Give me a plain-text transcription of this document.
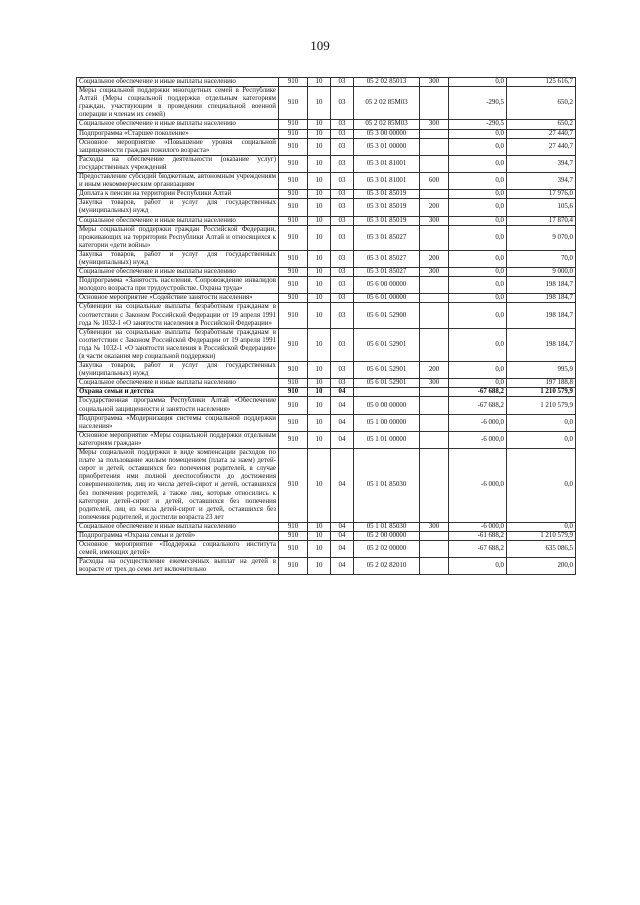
109
Социальное обеспечение и иные выплаты населению	910	10	03	05 2 02 85013	300	0,0	125 616,7
Меры социальной поддержки многодетных семей в Республике Алтай (Меры социальной поддержки отдельным категориям граждан, участвующим в проведении специальной военной операции и членам их семей)	910	10	03	05 2 02 85М03		-290,5	650,2
Социальное обеспечение и иные выплаты населению	910	10	03	05 2 02 85М03	300	-290,5	650,2
Подпрограмма «Старшее поколение»	910	10	03	05 3 00 00000		0,0	27 440,7
Основное мероприятие «Повышение уровня социальной защищенности граждан пожилого возраста»	910	10	03	05 3 01 00000		0,0	27 440,7
Расходы на обеспечение деятельности (оказание услуг) государственных учреждений	910	10	03	05 3 01 81001		0,0	394,7
Предоставление субсидий бюджетным, автономным учреждениям и иным некоммерческим организациям	910	10	03	05 3 01 81001	600	0,0	394,7
Доплата к пенсии на территории Республики Алтай	910	10	03	05 3 01 85019		0,0	17 976,0
Закупка товаров, работ и услуг для государственных (муниципальных) нужд	910	10	03	05 3 01 85019	200	0,0	105,6
Социальное обеспечение и иные выплаты населению	910	10	03	05 3 01 85019	300	0,0	17 870,4
Меры социальной поддержки граждан Российской Федерации, проживающих на территории Республики Алтай и относящихся к категории «дети войны»	910	10	03	05 3 01 85027		0,0	9 070,0
Закупка товаров, работ и услуг для государственных (муниципальных) нужд	910	10	03	05 3 01 85027	200	0,0	70,0
Социальное обеспечение и иные выплаты населению	910	10	03	05 3 01 85027	300	0,0	9 000,0
Подпрограмма «Занятость населения. Сопровождение инвалидов молодого возраста при трудоустройстве. Охрана труда»	910	10	03	05 6 00 00000		0,0	198 184,7
Основное мероприятие «Содействие занятости населения»	910	10	03	05 6 01 00000		0,0	198 184,7
Субвенции на социальные выплаты безработным гражданам в соответствии с Законом Российской Федерации от 19 апреля 1991 года № 1032-1 «О занятости населения в Российской Федерации»	910	10	03	05 6 01 52900		0,0	198 184,7
Субвенции на социальные выплаты безработным гражданам в соответствии с Законом Российской Федерации от 19 апреля 1991 года № 1032-1 «О занятости населения в Российской Федерации» (в части оказания мер социальной поддержки)	910	10	03	05 6 01 52901		0,0	198 184,7
Закупка товаров, работ и услуг для государственных (муниципальных) нужд	910	10	03	05 6 01 52901	200	0,0	995,9
Социальное обеспечение и иные выплаты населению	910	10	03	05 6 01 52901	300	0,0	197 188,8
Охрана семьи и детства	910	10	04			-67 688,2	1 210 579,9
Государственная программа Республики Алтай «Обеспечение социальной защищенности и занятости населения»	910	10	04	05 0 00 00000		-67 688,2	1 210 579,9
Подпрограмма «Модернизация системы социальной поддержки населения»	910	10	04	05 1 00 00000		-6 000,0	0,0
Основное мероприятие «Меры социальной поддержки отдельным категориям граждан»	910	10	04	05 1 01 00000		-6 000,0	0,0
Меры социальной поддержки в виде компенсации расходов по плате за пользование жилым помещением (плата за наем) детей-сирот и детей, оставшихся без попечения родителей, в случае приобретения ими полной дееспособности до достижения совершеннолетия, лиц из числа детей-сирот и детей, оставшихся без попечения родителей, а также лиц, которые относились к категории детей-сирот и детей, оставшихся без попечения родителей, лиц из числа детей-сирот и детей, оставшихся без попечения родителей, и достигли возраста 23 лет	910	10	04	05 1 01 85030		-6 000,0	0,0
Социальное обеспечение и иные выплаты населению	910	10	04	05 1 01 85030	300	-6 000,0	0,0
Подпрограмма «Охрана семьи и детей»	910	10	04	05 2 00 00000		-61 688,2	1 210 579,9
Основное мероприятие «Поддержка социального института семей, имеющих детей»	910	10	04	05 2 02 00000		-67 688,2	635 086,5
Расходы на осуществление ежемесячных выплат на детей в возрасте от трех до семи лет включительно	910	10	04	05 2 02 82010		0,0	200,0
